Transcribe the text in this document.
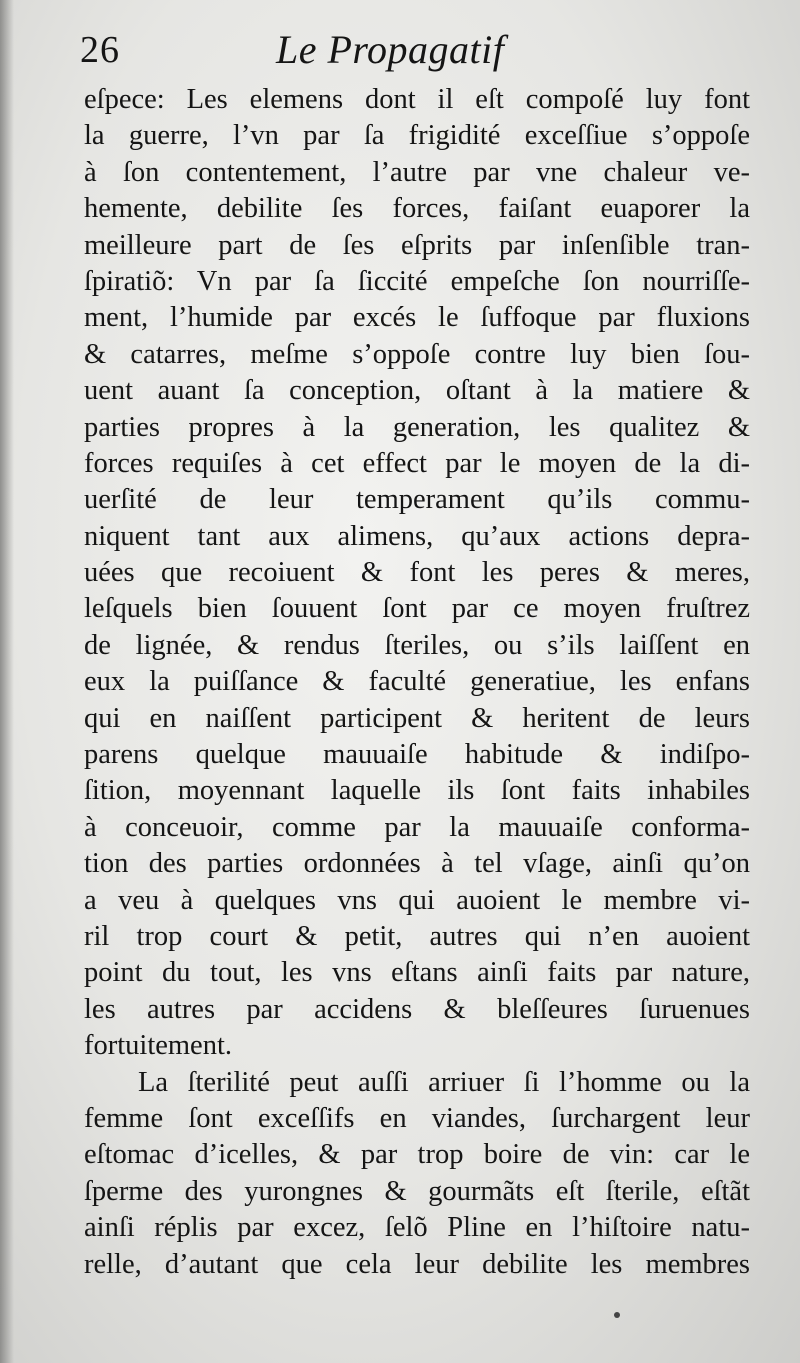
26	Le Propagatif
eſpece: Les elemens dont il eſt compoſé luy font
la guerre, l’vn par ſa frigidité exceſſiue s’oppoſe
à ſon contentement, l’autre par vne chaleur ve-
hemente, debilite ſes forces, faiſant euaporer la
meilleure part de ſes eſprits par inſenſible tran-
ſpiratiõ: Vn par ſa ſiccité empeſche ſon nourriſſe-
ment, l’humide par excés le ſuffoque par fluxions
& catarres, meſme s’oppoſe contre luy bien ſou-
uent auant ſa conception, oſtant à la matiere &
parties propres à la generation, les qualitez &
forces requiſes à cet effect par le moyen de la di-
uerſité de leur temperament qu’ils commu-
niquent tant aux alimens, qu’aux actions depra-
uées que recoiuent & font les peres & meres,
leſquels bien ſouuent ſont par ce moyen fruſtrez
de lignée, & rendus ſteriles, ou s’ils laiſſent en
eux la puiſſance & faculté generatiue, les enfans
qui en naiſſent participent & heritent de leurs
parens quelque mauuaiſe habitude & indiſpo-
ſition, moyennant laquelle ils ſont faits inhabiles
à conceuoir, comme par la mauuaiſe conforma-
tion des parties ordonnées à tel vſage, ainſi qu’on
a veu à quelques vns qui auoient le membre vi-
ril trop court & petit, autres qui n’en auoient
point du tout, les vns eſtans ainſi faits par nature,
les autres par accidens & bleſſeures ſuruenues
fortuitement.
La ſterilité peut auſſi arriuer ſi l’homme ou la
femme ſont exceſſifs en viandes, ſurchargent leur
eſtomac d’icelles, & par trop boire de vin: car le
ſperme des yurongnes & gourmãts eſt ſterile, eſtãt
ainſi réplis par excez, ſelõ Pline en l’hiſtoire natu-
relle, d’autant que cela leur debilite les membres
